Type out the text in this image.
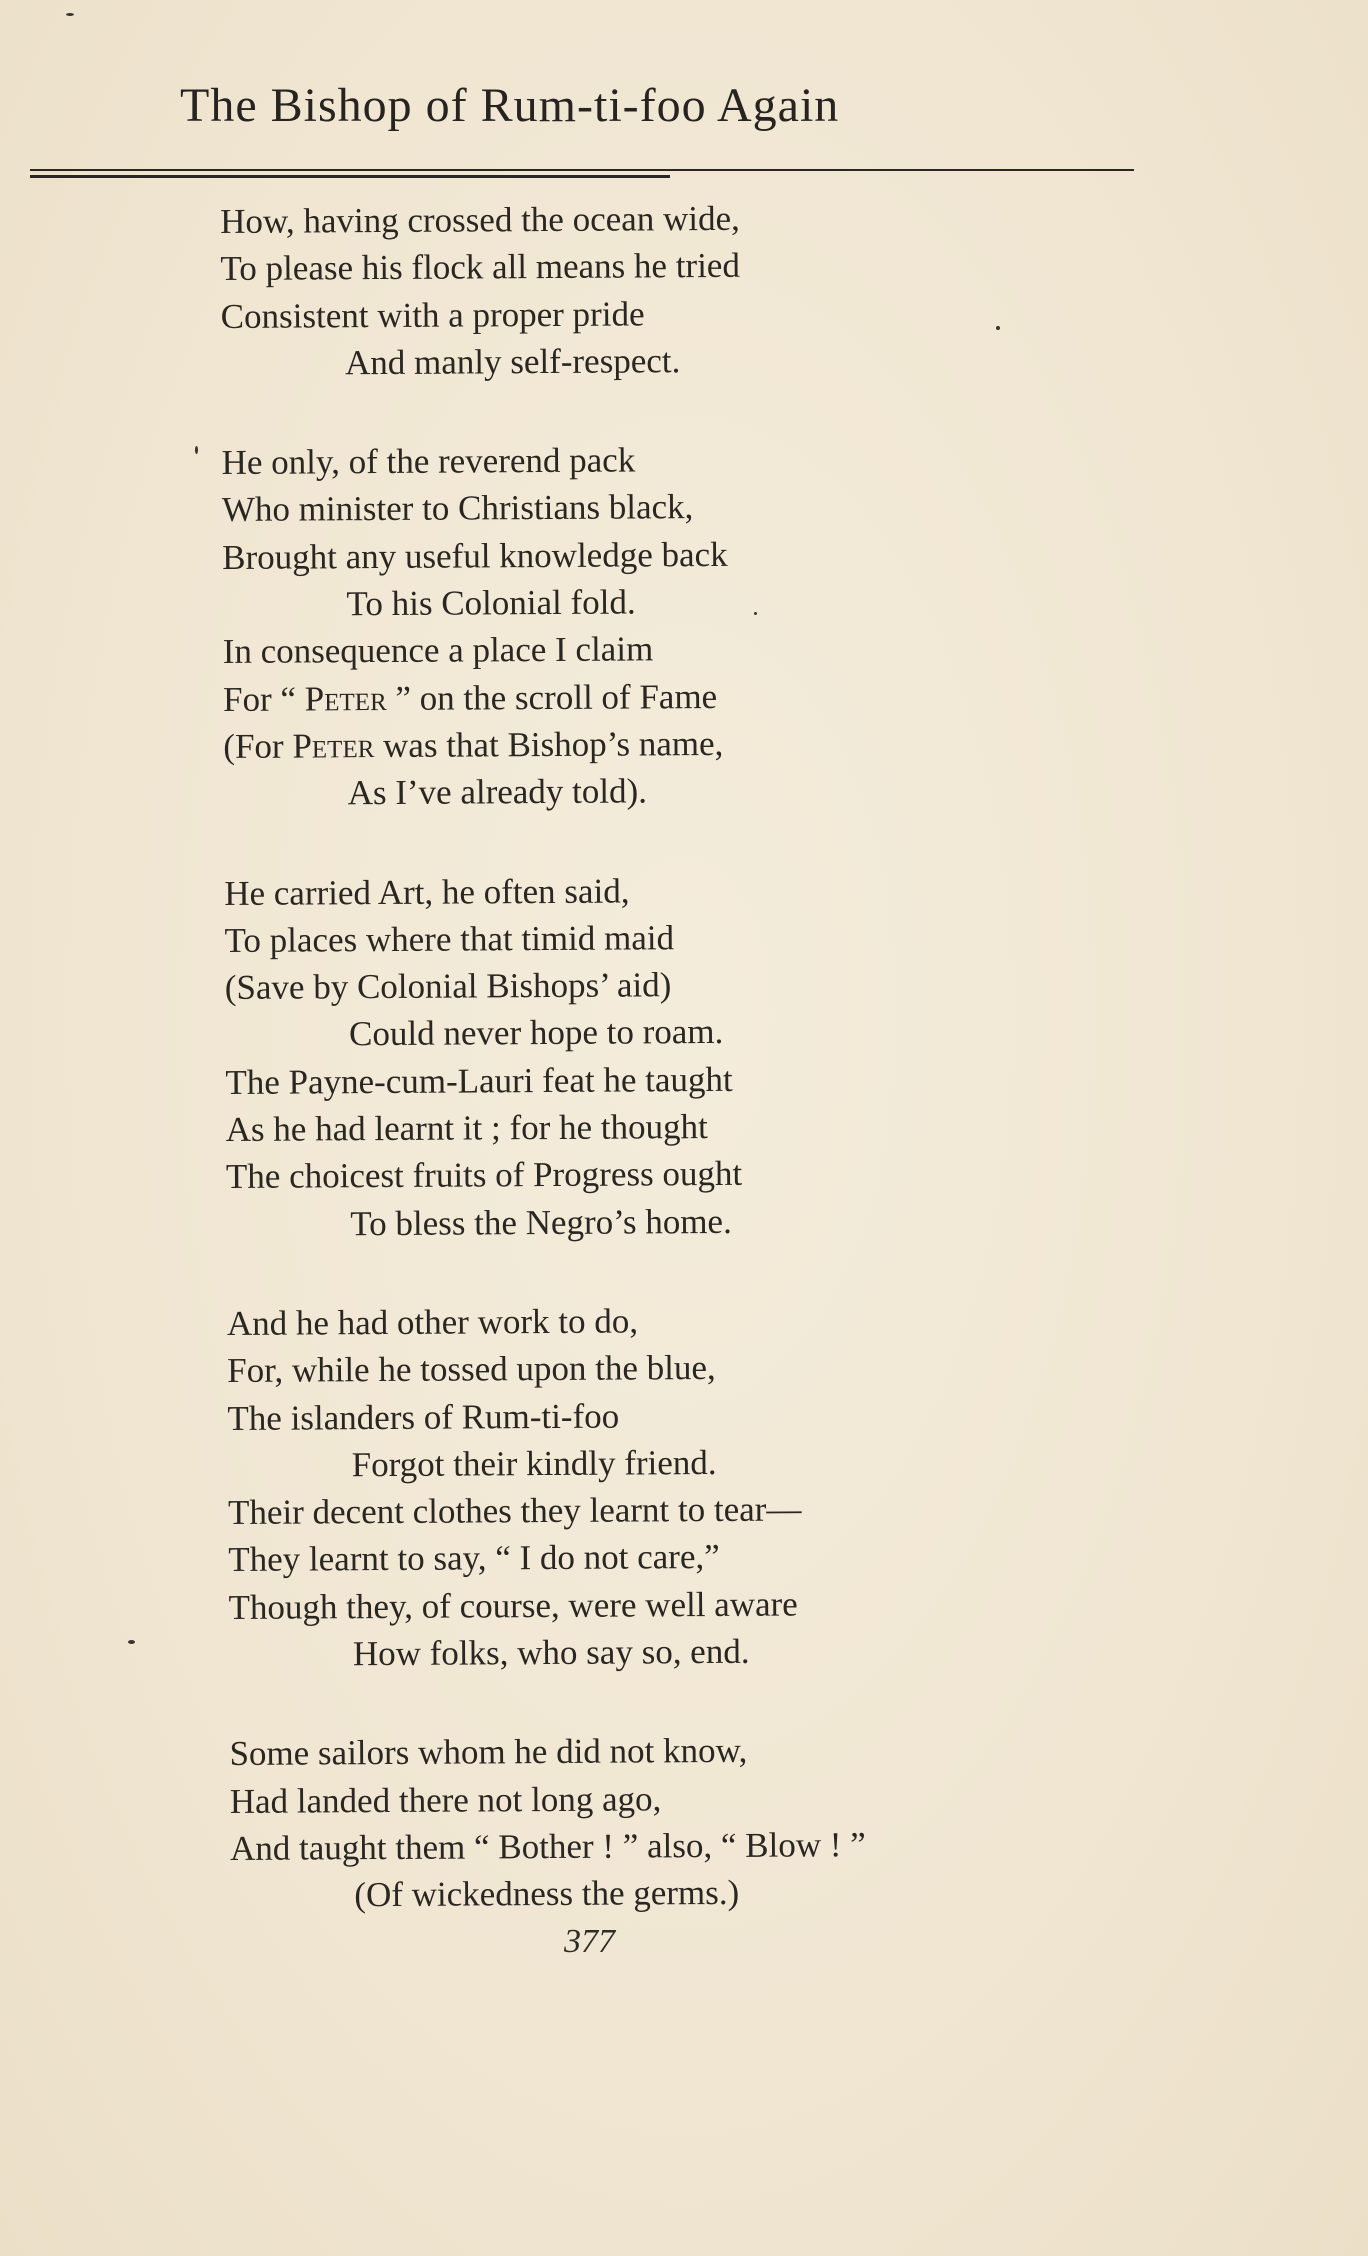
The Bishop of Rum-ti-foo Again
How, having crossed the ocean wide,
To please his flock all means he tried
Consistent with a proper pride
And manly self-respect.
He only, of the reverend pack
Who minister to Christians black,
Brought any useful knowledge back
To his Colonial fold.
In consequence a place I claim
For “ Peter ” on the scroll of Fame
(For Peter was that Bishop’s name,
As I’ve already told).
He carried Art, he often said,
To places where that timid maid
(Save by Colonial Bishops’ aid)
Could never hope to roam.
The Payne-cum-Lauri feat he taught
As he had learnt it ; for he thought
The choicest fruits of Progress ought
To bless the Negro’s home.
And he had other work to do,
For, while he tossed upon the blue,
The islanders of Rum-ti-foo
Forgot their kindly friend.
Their decent clothes they learnt to tear—
They learnt to say, “ I do not care,”
Though they, of course, were well aware
How folks, who say so, end.
Some sailors whom he did not know,
Had landed there not long ago,
And taught them “ Bother ! ” also, “ Blow ! ”
(Of wickedness the germs.)
377
